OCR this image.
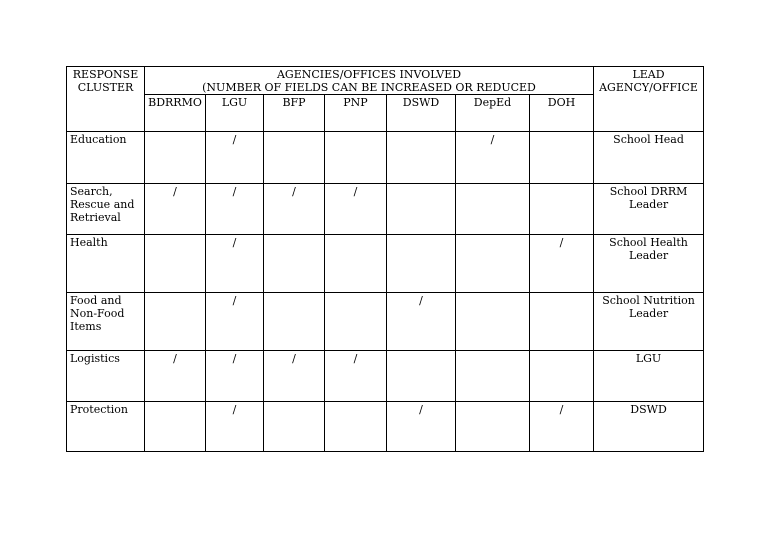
RESPONSE CLUSTER	AGENCIES/OFFICES INVOLVED
(NUMBER OF FIELDS CAN BE INCREASED OR REDUCED							LEAD
AGENCY/OFFICE

	BDRRMO	LGU	BFP	PNP	DSWD	DepEd	DOH	
Education		/				/		School Head
Search, Rescue and Retrieval	/	/	/	/				School DRRM Leader
Health		/					/	School Health Leader
Food and Non-Food Items		/			/			School Nutrition Leader
Logistics	/	/	/	/				LGU
Protection		/			/		/	DSWD
